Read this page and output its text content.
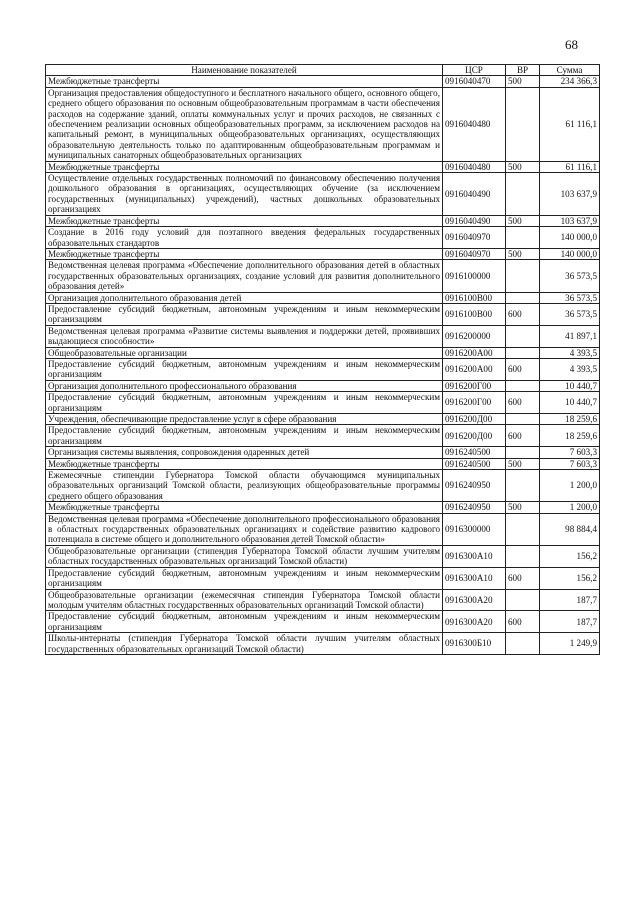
68
Наименование показателей	ЦСР	ВР	Сумма
Межбюджетные трансферты	0916040470	500	234 366,3
Организация предоставления общедоступного и бесплатного начального общего, основного общего, среднего общего образования по основным общеобразовательным программам в части обеспечения расходов на содержание зданий, оплаты коммунальных услуг и прочих расходов, не связанных с обеспечением реализации основных общеобразовательных программ, за исключением расходов на капитальный ремонт, в муниципальных общеобразовательных организациях, осуществляющих образовательную деятельность только по адаптированным общеобразовательным программам и муниципальных санаторных общеобразовательных организациях	0916040480		61 116,1
Межбюджетные трансферты	0916040480	500	61 116,1
Осуществление отдельных государственных полномочий по финансовому обеспечению получения дошкольного образования в организациях, осуществляющих обучение (за исключением государственных (муниципальных) учреждений), частных дошкольных образовательных организациях	0916040490		103 637,9
Межбюджетные трансферты	0916040490	500	103 637,9
Создание в 2016 году условий для поэтапного введения федеральных государственных образовательных стандартов	0916040970		140 000,0
Межбюджетные трансферты	0916040970	500	140 000,0
Ведомственная целевая программа «Обеспечение дополнительного образования детей в областных государственных образовательных организациях, создание условий для развития дополнительного образования детей»	0916100000		36 573,5
Организация дополнительного образования детей	0916100В00		36 573,5
Предоставление субсидий бюджетным, автономным учреждениям и иным некоммерческим организациям	0916100В00	600	36 573,5
Ведомственная целевая программа «Развитие системы выявления и поддержки детей, проявивших выдающиеся способности»	0916200000		41 897,1
Общеобразовательные организации	0916200А00		4 393,5
Предоставление субсидий бюджетным, автономным учреждениям и иным некоммерческим организациям	0916200А00	600	4 393,5
Организация дополнительного профессионального образования	0916200Г00		10 440,7
Предоставление субсидий бюджетным, автономным учреждениям и иным некоммерческим организациям	0916200Г00	600	10 440,7
Учреждения, обеспечивающие предоставление услуг в сфере образования	0916200Д00		18 259,6
Предоставление субсидий бюджетным, автономным учреждениям и иным некоммерческим организациям	0916200Д00	600	18 259,6
Организация системы выявления, сопровождения одаренных детей	0916240500		7 603,3
Межбюджетные трансферты	0916240500	500	7 603,3
Ежемесячные стипендии Губернатора Томской области обучающимся муниципальных образовательных организаций Томской области, реализующих общеобразовательные программы среднего общего образования	0916240950		1 200,0
Межбюджетные трансферты	0916240950	500	1 200,0
Ведомственная целевая программа «Обеспечение дополнительного профессионального образования в областных государственных образовательных организациях и содействие развитию кадрового потенциала в системе общего и дополнительного образования детей Томской области»	0916300000		98 884,4
Общеобразовательные организации (стипендия Губернатора Томской области лучшим учителям областных государственных образовательных организаций Томской области)	0916300А10		156,2
Предоставление субсидий бюджетным, автономным учреждениям и иным некоммерческим организациям	0916300А10	600	156,2
Общеобразовательные организации (ежемесячная стипендия Губернатора Томской области молодым учителям областных государственных образовательных организаций Томской области)	0916300А20		187,7
Предоставление субсидий бюджетным, автономным учреждениям и иным некоммерческим организациям	0916300А20	600	187,7
Школы-интернаты (стипендия Губернатора Томской области лучшим учителям областных государственных образовательных организаций Томской области)	0916300Б10		1 249,9
